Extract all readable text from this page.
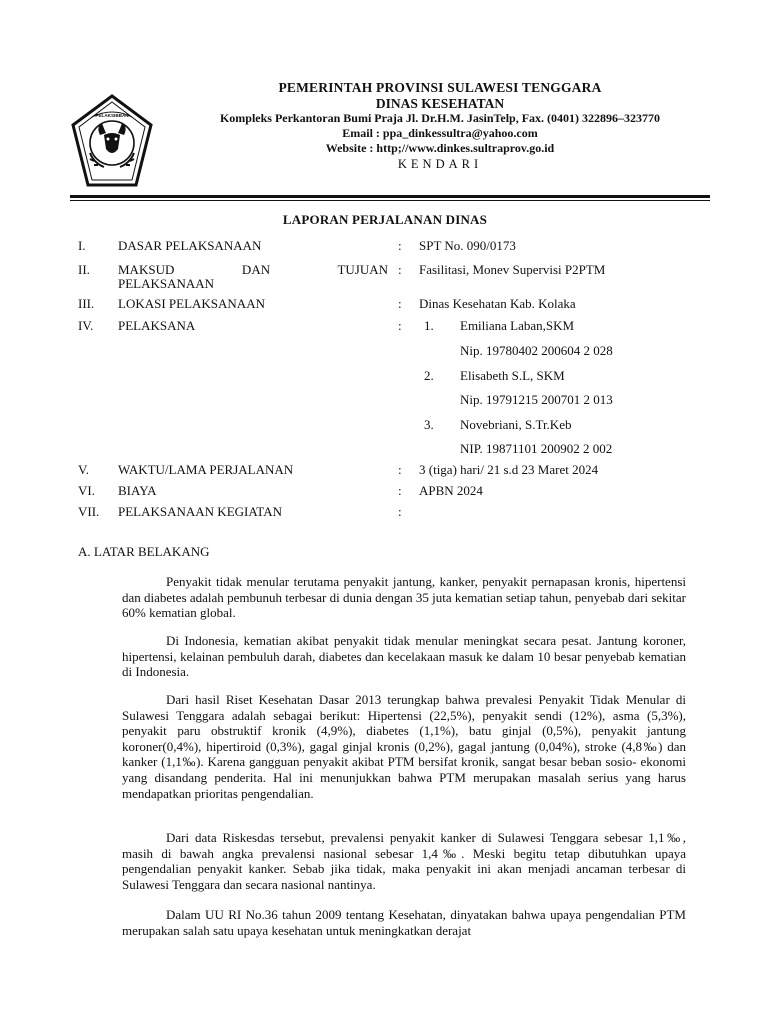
PELAKSIBBAN
PEMERINTAH PROVINSI SULAWESI TENGGARA
DINAS KESEHATAN
Kompleks Perkantoran Bumi Praja Jl. Dr.H.M. JasinTelp, Fax. (0401) 322896–323770
Email : ppa_dinkessultra@yahoo.com
Website : http;//www.dinkes.sultraprov.go.id
KENDARI
LAPORAN PERJALANAN DINAS
I.	DASAR PELAKSANAAN	:	SPT No. 090/0173
II.	MAKSUD DAN TUJUAN :	Fasilitasi, Monev Supervisi P2PTM
PELAKSANAAN
III.	LOKASI PELAKSANAAN	:	Dinas Kesehatan Kab. Kolaka
IV.	PELAKSANA	:	1. Emiliana Laban,SKM
Nip. 19780402 200604 2 028
2. Elisabeth S.L, SKM
Nip. 19791215 200701 2 013
3. Novebriani, S.Tr.Keb
NIP. 19871101 200902 2 002
V.	WAKTU/LAMA PERJALANAN	:	3 (tiga) hari/ 21 s.d 23 Maret 2024
VI.	BIAYA	:	APBN 2024
VII.	PELAKSANAAN KEGIATAN	:
A. LATAR BELAKANG
Penyakit tidak menular terutama penyakit jantung, kanker, penyakit pernapasan kronis, hipertensi dan diabetes adalah pembunuh terbesar di dunia dengan 35 juta kematian setiap tahun, penyebab dari sekitar 60% kematian global.
Di Indonesia, kematian akibat penyakit tidak menular meningkat secara pesat. Jantung koroner, hipertensi, kelainan pembuluh darah, diabetes dan kecelakaan masuk ke dalam 10 besar penyebab kematian di Indonesia.
Dari hasil Riset Kesehatan Dasar 2013 terungkap bahwa prevalesi Penyakit Tidak Menular di Sulawesi Tenggara adalah sebagai berikut: Hipertensi (22,5%), penyakit sendi (12%), asma (5,3%), penyakit paru obstruktif kronik (4,9%), diabetes (1,1%), batu ginjal (0,5%), penyakit jantung koroner(0,4%), hipertiroid (0,3%), gagal ginjal kronis (0,2%), gagal jantung (0,04%), stroke (4,8‰) dan kanker (1,1‰). Karena gangguan penyakit akibat PTM bersifat kronik, sangat besar beban sosio- ekonomi yang disandang penderita. Hal ini menunjukkan bahwa PTM merupakan masalah serius yang harus mendapatkan prioritas pengendalian.
Dari data Riskesdas tersebut, prevalensi penyakit kanker di Sulawesi Tenggara sebesar 1,1‰, masih di bawah angka prevalensi nasional sebesar 1,4‰. Meski begitu tetap dibutuhkan upaya pengendalian penyakit kanker. Sebab jika tidak, maka penyakit ini akan menjadi ancaman terbesar di Sulawesi Tenggara dan secara nasional nantinya.
Dalam UU RI No.36 tahun 2009 tentang Kesehatan, dinyatakan bahwa upaya pengendalian PTM merupakan salah satu upaya kesehatan untuk meningkatkan derajat
